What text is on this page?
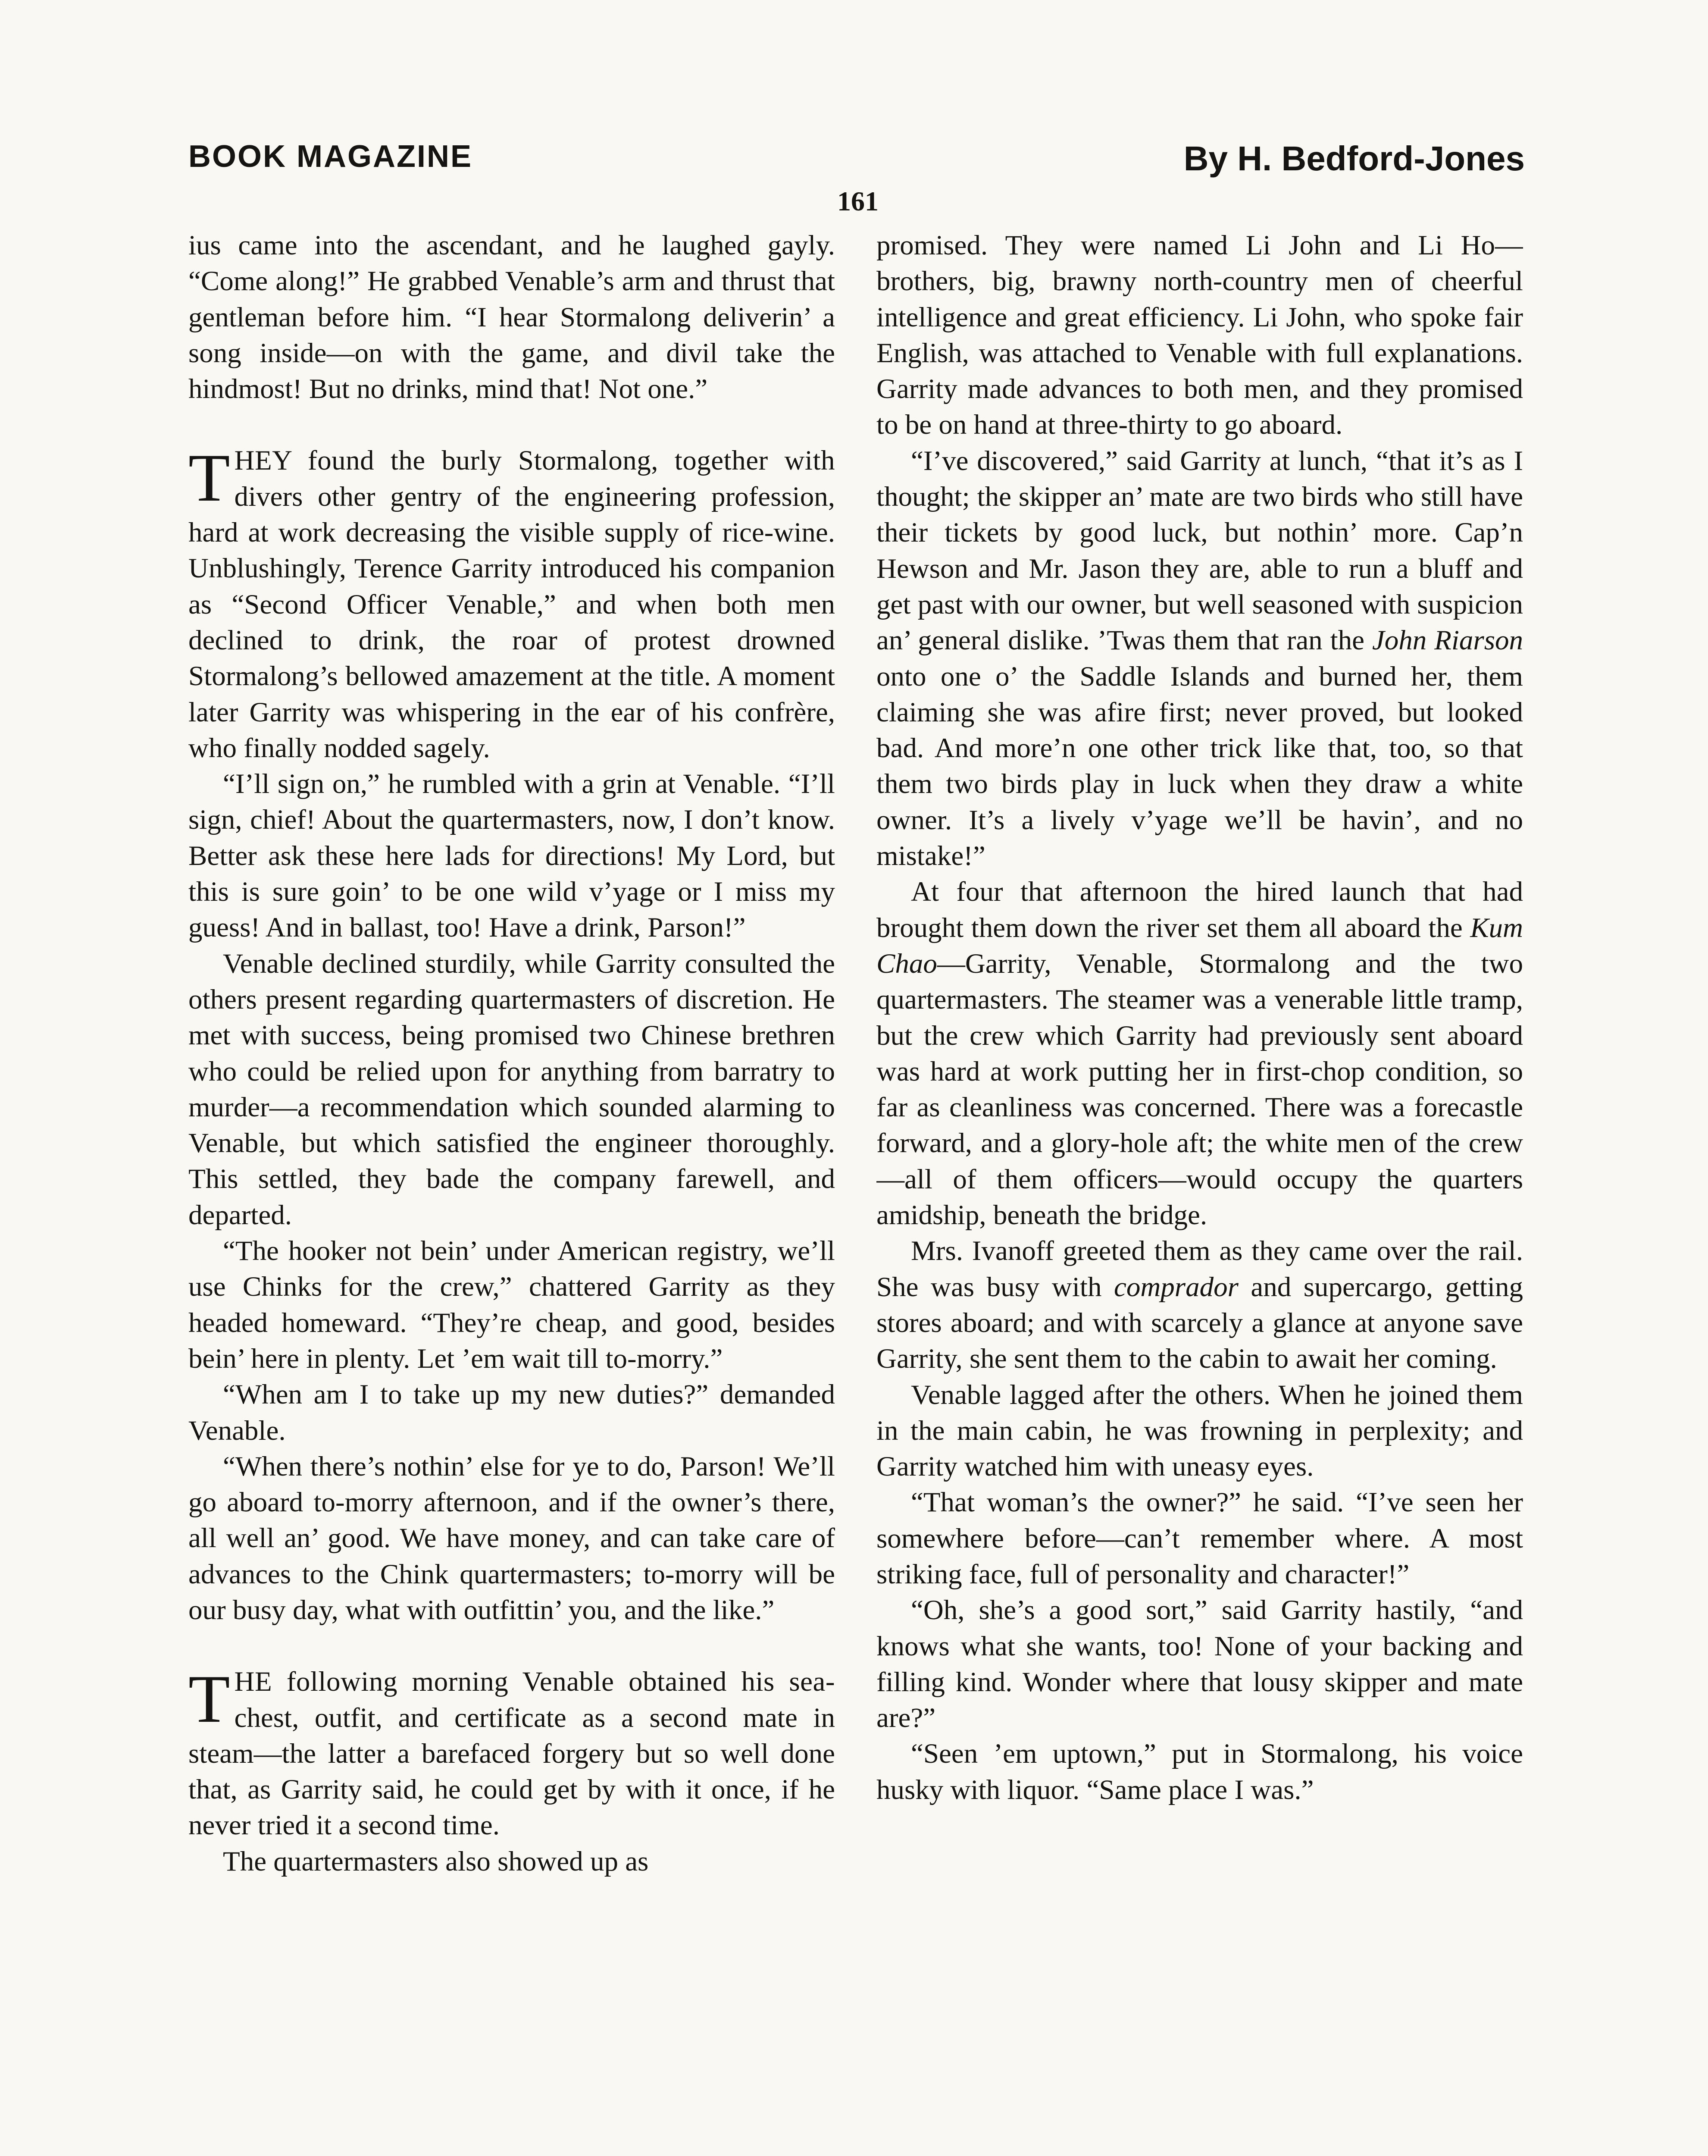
BOOK MAGAZINE	By H. Bedford-Jones
161

ius came into the ascendant, and he laughed gayly. “Come along!” He grabbed Venable’s arm and thrust that gentleman before him. “I hear Stormalong deliverin’ a song inside—on with the game, and divil take the hindmost! But no drinks, mind that! Not one.”

THEY found the burly Stormalong, together with divers other gentry of the engineering profession, hard at work decreasing the visible supply of rice-wine. Unblushingly, Terence Garrity introduced his companion as “Second Officer Venable,” and when both men declined to drink, the roar of protest drowned Stormalong’s bellowed amazement at the title. A moment later Garrity was whispering in the ear of his confrère, who finally nodded sagely.

“I’ll sign on,” he rumbled with a grin at Venable. “I’ll sign, chief! About the quartermasters, now, I don’t know. Better ask these here lads for directions! My Lord, but this is sure goin’ to be one wild v’yage or I miss my guess! And in ballast, too! Have a drink, Parson!”

Venable declined sturdily, while Garrity consulted the others present regarding quartermasters of discretion. He met with success, being promised two Chinese brethren who could be relied upon for anything from barratry to murder—a recommendation which sounded alarming to Venable, but which satisfied the engineer thoroughly. This settled, they bade the company farewell, and departed.

“The hooker not bein’ under American registry, we’ll use Chinks for the crew,” chattered Garrity as they headed homeward. “They’re cheap, and good, besides bein’ here in plenty. Let ’em wait till to-morry.”

“When am I to take up my new duties?” demanded Venable.

“When there’s nothin’ else for ye to do, Parson! We’ll go aboard to-morry afternoon, and if the owner’s there, all well an’ good. We have money, and can take care of advances to the Chink quartermasters; to-morry will be our busy day, what with outfittin’ you, and the like.”

THE following morning Venable obtained his sea-chest, outfit, and certificate as a second mate in steam—the latter a barefaced forgery but so well done that, as Garrity said, he could get by with it once, if he never tried it a second time.

The quartermasters also showed up as

promised. They were named Li John and Li Ho—brothers, big, brawny north-country men of cheerful intelligence and great efficiency. Li John, who spoke fair English, was attached to Venable with full explanations. Garrity made advances to both men, and they promised to be on hand at three-thirty to go aboard.

“I’ve discovered,” said Garrity at lunch, “that it’s as I thought; the skipper an’ mate are two birds who still have their tickets by good luck, but nothin’ more. Cap’n Hewson and Mr. Jason they are, able to run a bluff and get past with our owner, but well seasoned with suspicion an’ general dislike. ’Twas them that ran the John Riarson onto one o’ the Saddle Islands and burned her, them claiming she was afire first; never proved, but looked bad. And more’n one other trick like that, too, so that them two birds play in luck when they draw a white owner. It’s a lively v’yage we’ll be havin’, and no mistake!”

At four that afternoon the hired launch that had brought them down the river set them all aboard the Kum Chao—Garrity, Venable, Stormalong and the two quartermasters. The steamer was a venerable little tramp, but the crew which Garrity had previously sent aboard was hard at work putting her in first-chop condition, so far as cleanliness was concerned. There was a forecastle forward, and a glory-hole aft; the white men of the crew—all of them officers—would occupy the quarters amidship, beneath the bridge.

Mrs. Ivanoff greeted them as they came over the rail. She was busy with comprador and supercargo, getting stores aboard; and with scarcely a glance at anyone save Garrity, she sent them to the cabin to await her coming.

Venable lagged after the others. When he joined them in the main cabin, he was frowning in perplexity; and Garrity watched him with uneasy eyes.

“That woman’s the owner?” he said. “I’ve seen her somewhere before—can’t remember where. A most striking face, full of personality and character!”

“Oh, she’s a good sort,” said Garrity hastily, “and knows what she wants, too! None of your backing and filling kind. Wonder where that lousy skipper and mate are?”

“Seen ’em uptown,” put in Stormalong, his voice husky with liquor. “Same place I was.”
